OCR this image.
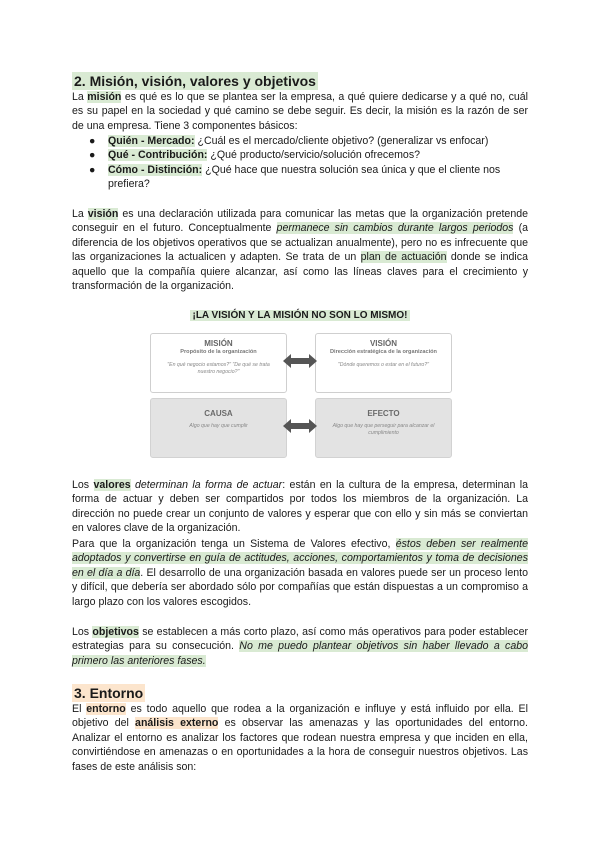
2. Misión, visión, valores y objetivos

La misión es qué es lo que se plantea ser la empresa, a qué quiere dedicarse y a qué no, cuál es su papel en la sociedad y qué camino se debe seguir. Es decir, la misión es la razón de ser de una empresa. Tiene 3 componentes básicos:

● Quién - Mercado: ¿Cuál es el mercado/cliente objetivo? (generalizar vs enfocar)
● Qué - Contribución: ¿Qué producto/servicio/solución ofrecemos?
● Cómo - Distinción: ¿Qué hace que nuestra solución sea única y que el cliente nos prefiera?

La visión es una declaración utilizada para comunicar las metas que la organización pretende conseguir en el futuro. Conceptualmente permanece sin cambios durante largos periodos (a diferencia de los objetivos operativos que se actualizan anualmente), pero no es infrecuente que las organizaciones la actualicen y adapten. Se trata de un plan de actuación donde se indica aquello que la compañía quiere alcanzar, así como las líneas claves para el crecimiento y transformación de la organización.

¡LA VISIÓN Y LA MISIÓN NO SON LO MISMO!
MISIÓN
Propósito de la organización
"En qué negocio estamos?" "De qué se trata nuestro negocio?"
VISIÓN
Dirección estratégica de la organización
"Dónde queremos o estar en el futuro?"
CAUSA
Algo que hay que cumplir
EFECTO
Algo que hay que perseguir para alcanzar el cumplimiento

Los valores determinan la forma de actuar: están en la cultura de la empresa, determinan la forma de actuar y deben ser compartidos por todos los miembros de la organización. La dirección no puede crear un conjunto de valores y esperar que con ello y sin más se conviertan en valores clave de la organización.

Para que la organización tenga un Sistema de Valores efectivo, éstos deben ser realmente adoptados y convertirse en guía de actitudes, acciones, comportamientos y toma de decisiones en el día a día. El desarrollo de una organización basada en valores puede ser un proceso lento y difícil, que debería ser abordado sólo por compañías que están dispuestas a un compromiso a largo plazo con los valores escogidos.

Los objetivos se establecen a más corto plazo, así como más operativos para poder establecer estrategias para su consecución. No me puedo plantear objetivos sin haber llevado a cabo primero las anteriores fases.

3. Entorno

El entorno es todo aquello que rodea a la organización e influye y está influido por ella. El objetivo del análisis externo es observar las amenazas y las oportunidades del entorno. Analizar el entorno es analizar los factores que rodean nuestra empresa y que inciden en ella, convirtiéndose en amenazas o en oportunidades a la hora de conseguir nuestros objetivos. Las fases de este análisis son:
